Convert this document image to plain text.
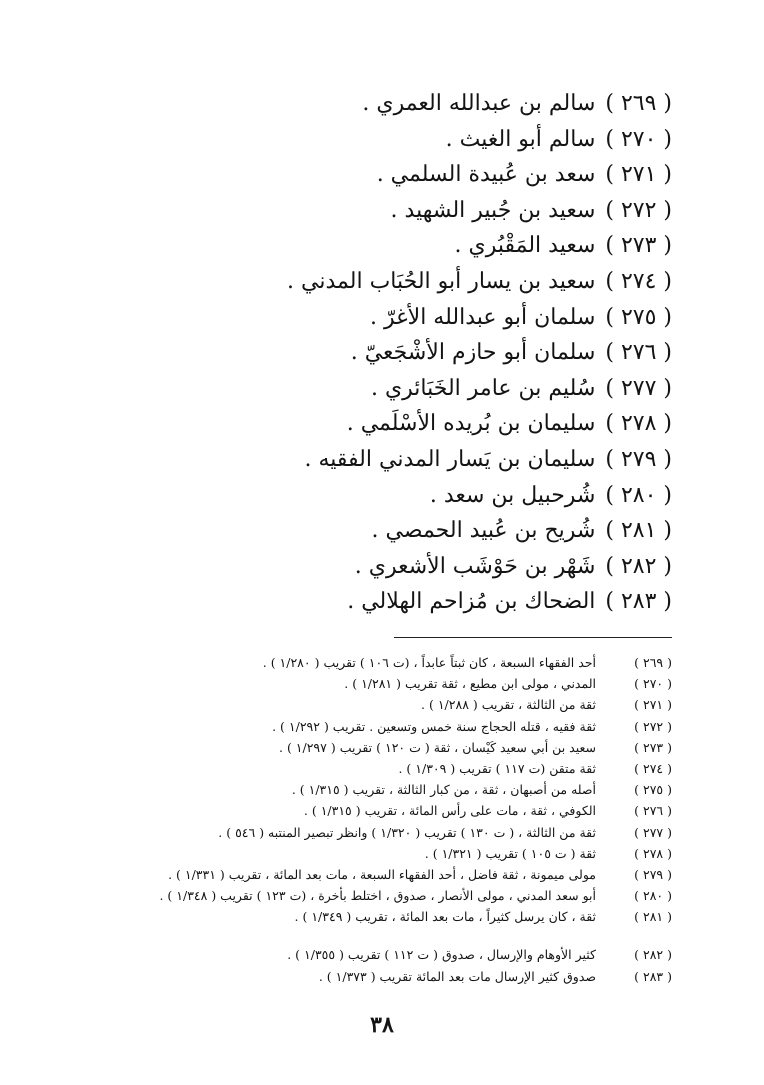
( ٢٦٩ )سالم بن عبدالله العمري .
( ٢٧٠ )سالم أبو الغيث .
( ٢٧١ )سعد بن عُبيدة السلمي .
( ٢٧٢ )سعيد بن جُبير الشهيد .
( ٢٧٣ )سعيد المَقْبُري .
( ٢٧٤ )سعيد بن يسار أبو الحُبَاب المدني .
( ٢٧٥ )سلمان أبو عبدالله الأغرّ .
( ٢٧٦ )سلمان أبو حازم الأشْجَعيّ .
( ٢٧٧ )سُليم بن عامر الخَبَائري .
( ٢٧٨ )سليمان بن بُريده الأسْلَمي .
( ٢٧٩ )سليمان بن يَسار المدني الفقيه .
( ٢٨٠ )شُرحبيل بن سعد .
( ٢٨١ )شُريح بن عُبيد الحمصي .
( ٢٨٢ )شَهْر بن حَوْشَب الأشعري .
( ٢٨٣ )الضحاك بن مُزاحم الهلالي .
( ٢٦٩ )أحد الفقهاء السبعة ، كان ثبتاً عابداً ، (ت ١٠٦ ) تقريب ( ١/٢٨٠ ) .
( ٢٧٠ )المدني ، مولى ابن مطيع ، ثقة تقريب ( ١/٢٨١ ) .
( ٢٧١ )ثقة من الثالثة ، تقريب ( ١/٢٨٨ ) .
( ٢٧٢ )ثقة فقيه ، قتله الحجاج سنة خمس وتسعين . تقريب ( ١/٢٩٢ ) .
( ٢٧٣ )سعيد بن أبي سعيد كَيْسان ، ثقة ( ت ١٢٠ ) تقريب ( ١/٢٩٧ ) .
( ٢٧٤ )ثقة متقن (ت ١١٧ ) تقريب ( ١/٣٠٩ ) .
( ٢٧٥ )أصله من أصبهان ، ثقة ، من كبار الثالثة ، تقريب ( ١/٣١٥ ) .
( ٢٧٦ )الكوفي ، ثقة ، مات على رأس المائة ، تقريب ( ١/٣١٥ ) .
( ٢٧٧ )ثقة من الثالثة ، ( ت ١٣٠ ) تقريب ( ١/٣٢٠ ) وانظر تبصير المنتبه ( ٥٤٦ ) .
( ٢٧٨ )ثقة ( ت ١٠٥ ) تقريب ( ١/٣٢١ ) .
( ٢٧٩ )مولى ميمونة ، ثقة فاضل ، أحد الفقهاء السبعة ، مات بعد المائة ، تقريب ( ١/٣٣١ ) .
( ٢٨٠ )أبو سعد المدني ، مولى الأنصار ، صدوق ، اختلط بأخرة ، (ت ١٢٣ ) تقريب ( ١/٣٤٨ ) .
( ٢٨١ )ثقة ، كان يرسل كثيراً ، مات بعد المائة ، تقريب ( ١/٣٤٩ ) .
( ٢٨٢ )كثير الأوهام والإرسال ، صدوق ( ت ١١٢ ) تقريب ( ١/٣٥٥ ) .
( ٢٨٣ )صدوق كثير الإرسال مات بعد المائة تقريب ( ١/٣٧٣ ) .
٣٨
